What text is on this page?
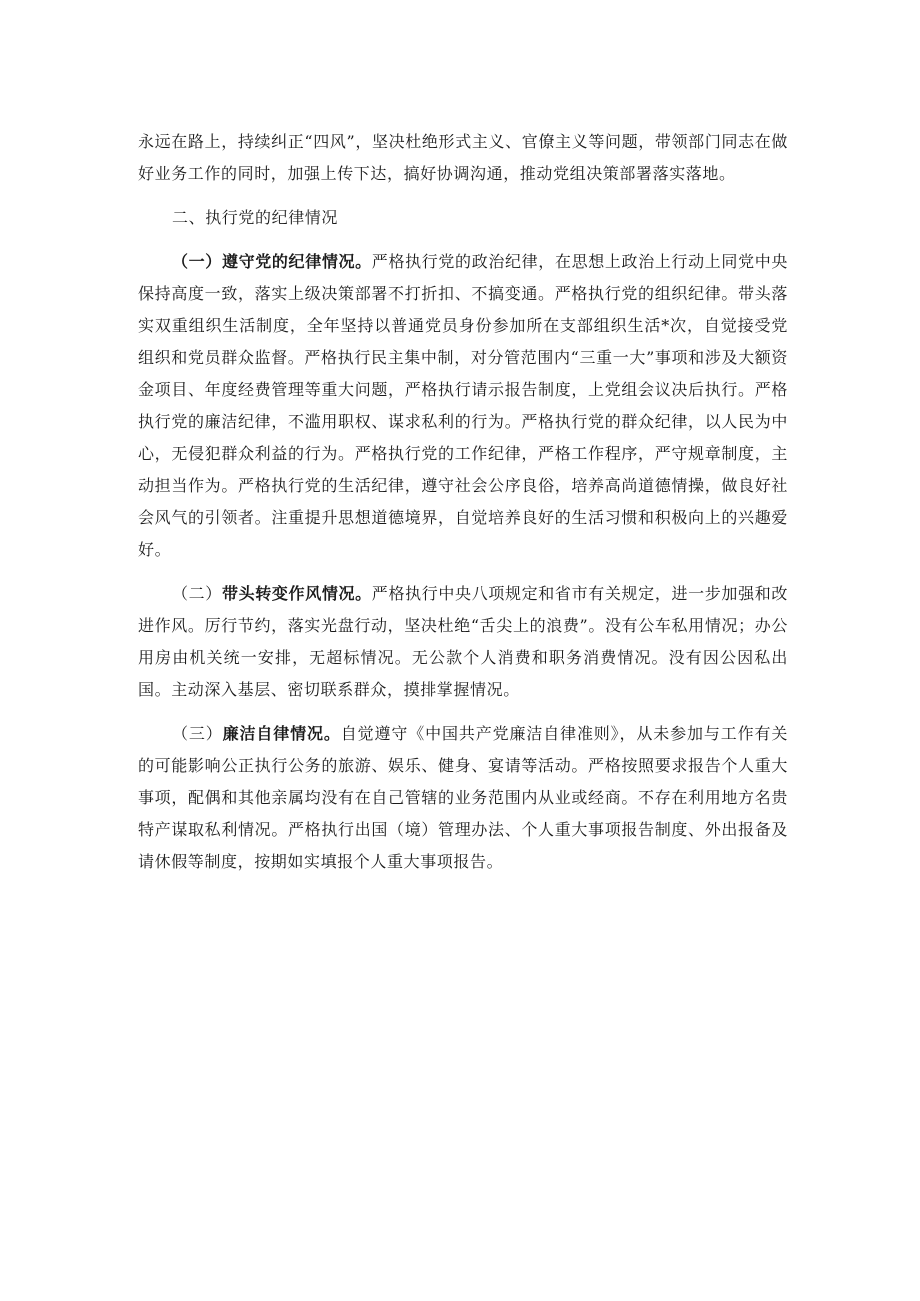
永远在路上，持续纠正“四风”，坚决杜绝形式主义、官僚主义等问题，带领部门同志在做好业务工作的同时，加强上传下达，搞好协调沟通，推动党组决策部署落实落地。

二、执行党的纪律情况

（一）遵守党的纪律情况。严格执行党的政治纪律，在思想上政治上行动上同党中央保持高度一致，落实上级决策部署不打折扣、不搞变通。严格执行党的组织纪律。带头落实双重组织生活制度，全年坚持以普通党员身份参加所在支部组织生活*次，自觉接受党组织和党员群众监督。严格执行民主集中制，对分管范围内“三重一大”事项和涉及大额资金项目、年度经费管理等重大问题，严格执行请示报告制度，上党组会议决后执行。严格执行党的廉洁纪律，不滥用职权、谋求私利的行为。严格执行党的群众纪律，以人民为中心，无侵犯群众利益的行为。严格执行党的工作纪律，严格工作程序，严守规章制度，主动担当作为。严格执行党的生活纪律，遵守社会公序良俗，培养高尚道德情操，做良好社会风气的引领者。注重提升思想道德境界，自觉培养良好的生活习惯和积极向上的兴趣爱好。

（二）带头转变作风情况。严格执行中央八项规定和省市有关规定，进一步加强和改进作风。厉行节约，落实光盘行动，坚决杜绝“舌尖上的浪费”。没有公车私用情况；办公用房由机关统一安排，无超标情况。无公款个人消费和职务消费情况。没有因公因私出国。主动深入基层、密切联系群众，摸排掌握情况。

（三）廉洁自律情况。自觉遵守《中国共产党廉洁自律准则》，从未参加与工作有关的可能影响公正执行公务的旅游、娱乐、健身、宴请等活动。严格按照要求报告个人重大事项，配偶和其他亲属均没有在自己管辖的业务范围内从业或经商。不存在利用地方名贵特产谋取私利情况。严格执行出国（境）管理办法、个人重大事项报告制度、外出报备及请休假等制度，按期如实填报个人重大事项报告。
